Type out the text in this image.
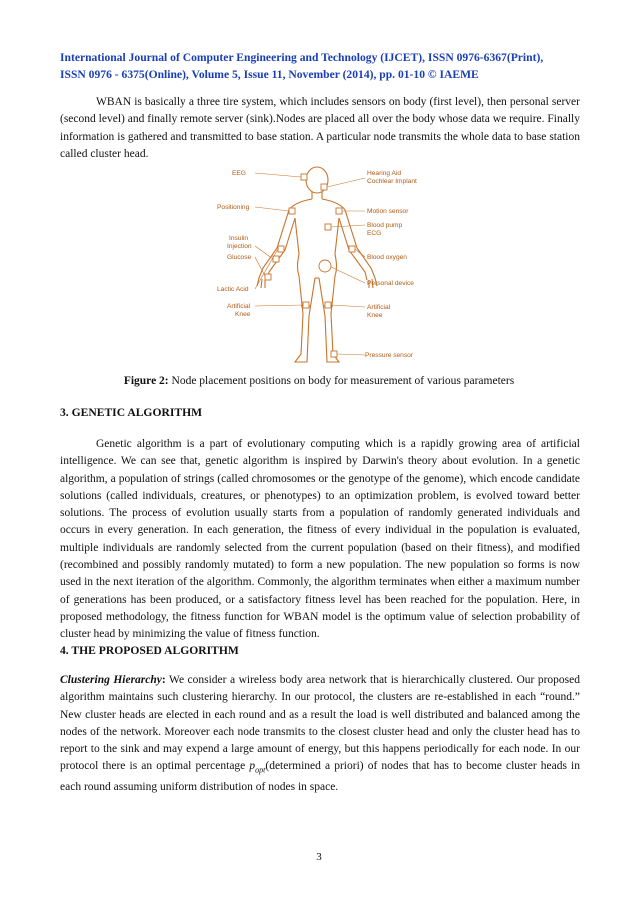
International Journal of Computer Engineering and Technology (IJCET), ISSN 0976-6367(Print),
ISSN 0976 - 6375(Online), Volume 5, Issue 11, November (2014), pp. 01-10 © IAEME

WBAN is basically a three tire system, which includes sensors on body (first level), then personal server (second level) and finally remote server (sink).Nodes are placed all over the body whose data we require. Finally information is gathered and transmitted to base station. A particular node transmits the whole data to base station called cluster head.

EEG
Positioning
Insulin
Injection
Glucose
Lactic Acid
Artificial
Knee
Hearing Aid
Cochlear Implant
Motion sensor
Blood pump
ECG
Blood oxygen
Personal device
Artificial
Knee
Pressure sensor
Figure 2: Node placement positions on body for measurement of various parameters

3. GENETIC ALGORITHM

Genetic algorithm is a part of evolutionary computing which is a rapidly growing area of artificial intelligence. We can see that, genetic algorithm is inspired by Darwin's theory about evolution. In a genetic algorithm, a population of strings (called chromosomes or the genotype of the genome), which encode candidate solutions (called individuals, creatures, or phenotypes) to an optimization problem, is evolved toward better solutions. The process of evolution usually starts from a population of randomly generated individuals and occurs in every generation. In each generation, the fitness of every individual in the population is evaluated, multiple individuals are randomly selected from the current population (based on their fitness), and modified (recombined and possibly randomly mutated) to form a new population. The new population so forms is now used in the next iteration of the algorithm. Commonly, the algorithm terminates when either a maximum number of generations has been produced, or a satisfactory fitness level has been reached for the population. Here, in proposed methodology, the fitness function for WBAN model is the optimum value of selection probability of cluster head by minimizing the value of fitness function.

4. THE PROPOSED ALGORITHM

Clustering Hierarchy: We consider a wireless body area network that is hierarchically clustered. Our proposed algorithm maintains such clustering hierarchy. In our protocol, the clusters are re-established in each “round.” New cluster heads are elected in each round and as a result the load is well distributed and balanced among the nodes of the network. Moreover each node transmits to the closest cluster head and only the cluster head has to report to the sink and may expend a large amount of energy, but this happens periodically for each node. In our protocol there is an optimal percentage $p_{opt}(determined$ a priori) of nodes that has to become cluster heads in each round assuming uniform distribution of nodes in space.

3
